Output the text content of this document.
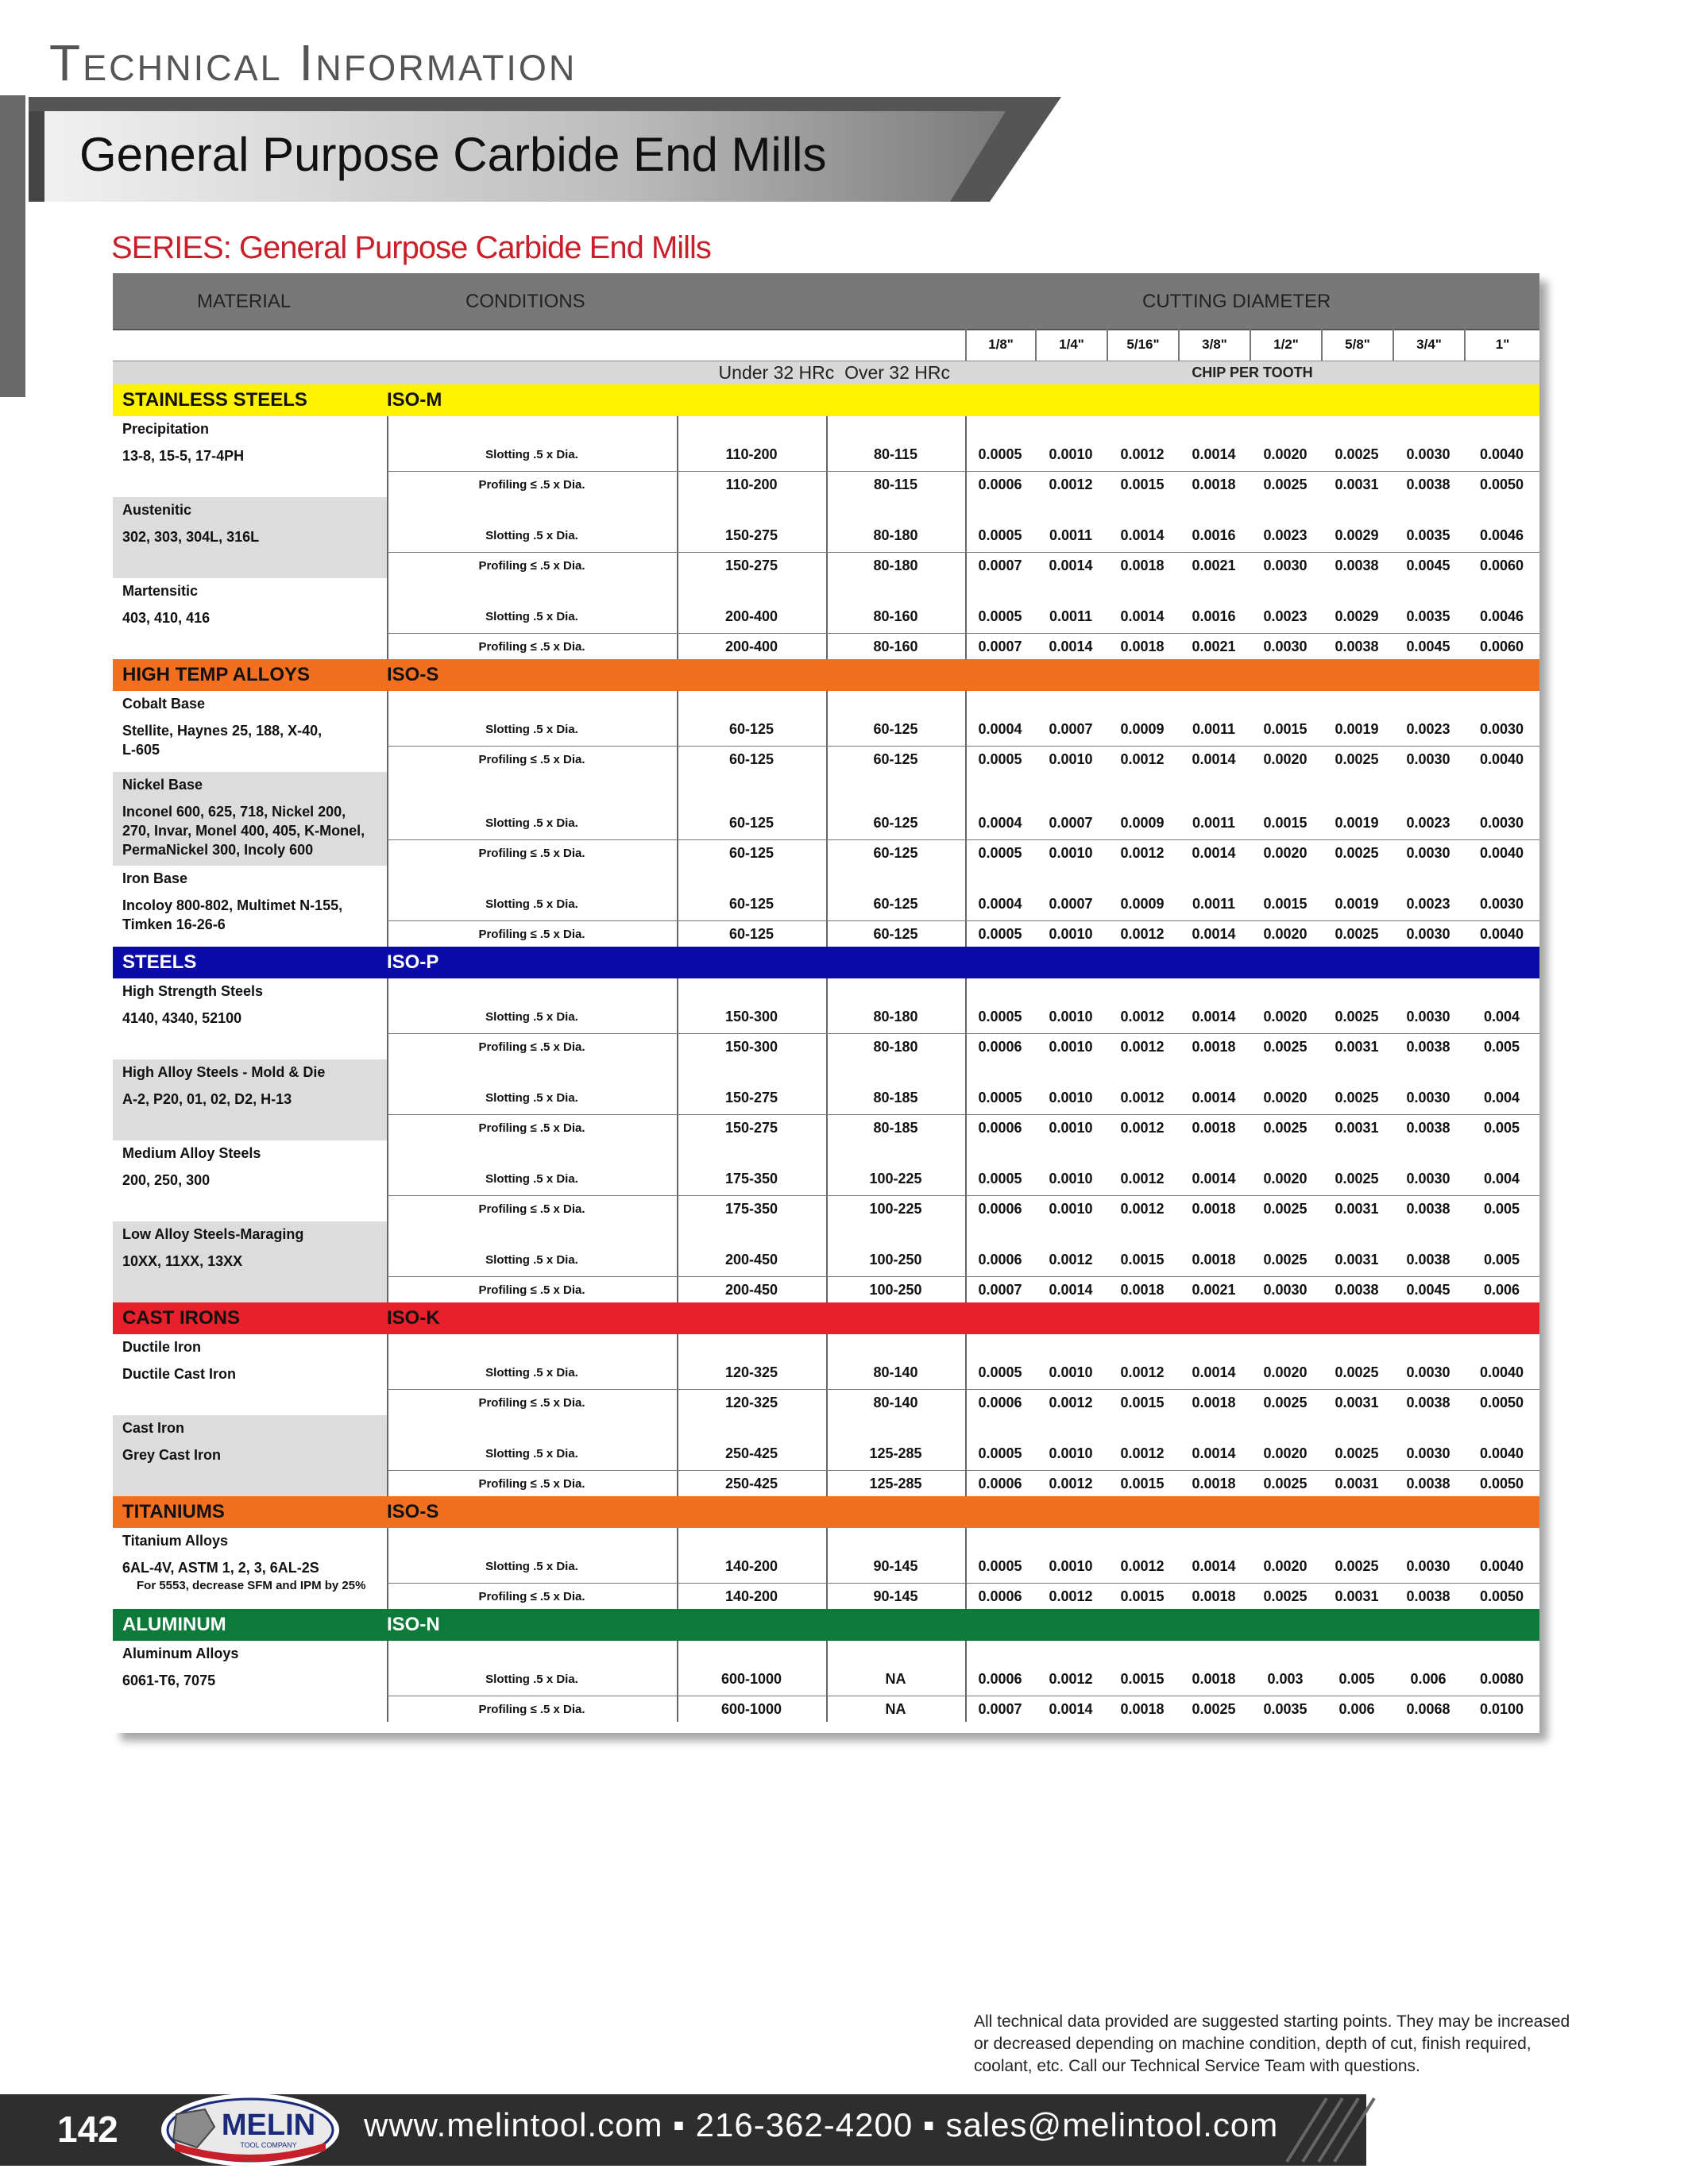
Technical Information
General Purpose Carbide End Mills
SERIES: General Purpose Carbide End Mills
MATERIAL	CONDITIONS	CUTTING DIAMETER
1/8"	1/4"	5/16"	3/8"	1/2"	5/8"	3/4"	1"
Under 32 HRc
Over 32 HRc	CHIP PER TOOTH
STAINLESS STEELS	ISO-M
Precipitation
13-8, 15-5, 17-4PH	Slotting .5 x Dia.	110-200	80-115	0.0005	0.0010	0.0012	0.0014	0.0020	0.0025	0.0030	0.0040
Profiling ≤ .5 x Dia.	110-200	80-115	0.0006	0.0012	0.0015	0.0018	0.0025	0.0031	0.0038	0.0050
Austenitic
302, 303, 304L, 316L	Slotting .5 x Dia.	150-275	80-180	0.0005	0.0011	0.0014	0.0016	0.0023	0.0029	0.0035	0.0046
Profiling ≤ .5 x Dia.	150-275	80-180	0.0007	0.0014	0.0018	0.0021	0.0030	0.0038	0.0045	0.0060
Martensitic
403, 410, 416	Slotting .5 x Dia.	200-400	80-160	0.0005	0.0011	0.0014	0.0016	0.0023	0.0029	0.0035	0.0046
Profiling ≤ .5 x Dia.	200-400	80-160	0.0007	0.0014	0.0018	0.0021	0.0030	0.0038	0.0045	0.0060
HIGH TEMP ALLOYS	ISO-S
Cobalt Base
Stellite, Haynes 25, 188, X-40,
L-605
Slotting .5 x Dia.	60-125	60-125	0.0004	0.0007	0.0009	0.0011	0.0015	0.0019	0.0023	0.0030
Profiling ≤ .5 x Dia.	60-125	60-125	0.0005	0.0010	0.0012	0.0014	0.0020	0.0025	0.0030	0.0040
Nickel Base
Inconel 600, 625, 718, Nickel 200,
270, Invar, Monel 400, 405, K-Monel,
PermaNickel 300, Incoly 600
Slotting .5 x Dia.	60-125	60-125	0.0004	0.0007	0.0009	0.0011	0.0015	0.0019	0.0023	0.0030
Profiling ≤ .5 x Dia.	60-125	60-125	0.0005	0.0010	0.0012	0.0014	0.0020	0.0025	0.0030	0.0040
Iron Base
Incoloy 800-802, Multimet N-155,
Timken 16-26-6
Slotting .5 x Dia.	60-125	60-125	0.0004	0.0007	0.0009	0.0011	0.0015	0.0019	0.0023	0.0030
Profiling ≤ .5 x Dia.	60-125	60-125	0.0005	0.0010	0.0012	0.0014	0.0020	0.0025	0.0030	0.0040
STEELS	ISO-P
High Strength Steels
4140, 4340, 52100	Slotting .5 x Dia.	150-300	80-180	0.0005	0.0010	0.0012	0.0014	0.0020	0.0025	0.0030	0.004
Profiling ≤ .5 x Dia.	150-300	80-180	0.0006	0.0010	0.0012	0.0018	0.0025	0.0031	0.0038	0.005
High Alloy Steels - Mold & Die
A-2, P20, 01, 02, D2, H-13	Slotting .5 x Dia.	150-275	80-185	0.0005	0.0010	0.0012	0.0014	0.0020	0.0025	0.0030	0.004
Profiling ≤ .5 x Dia.	150-275	80-185	0.0006	0.0010	0.0012	0.0018	0.0025	0.0031	0.0038	0.005
Medium Alloy Steels
200, 250, 300	Slotting .5 x Dia.	175-350	100-225	0.0005	0.0010	0.0012	0.0014	0.0020	0.0025	0.0030	0.004
Profiling ≤ .5 x Dia.	175-350	100-225	0.0006	0.0010	0.0012	0.0018	0.0025	0.0031	0.0038	0.005
Low Alloy Steels-Maraging
10XX, 11XX, 13XX	Slotting .5 x Dia.	200-450	100-250	0.0006	0.0012	0.0015	0.0018	0.0025	0.0031	0.0038	0.005
Profiling ≤ .5 x Dia.	200-450	100-250	0.0007	0.0014	0.0018	0.0021	0.0030	0.0038	0.0045	0.006
CAST IRONS	ISO-K
Ductile Iron
Ductile Cast Iron	Slotting .5 x Dia.	120-325	80-140	0.0005	0.0010	0.0012	0.0014	0.0020	0.0025	0.0030	0.0040
Profiling ≤ .5 x Dia.	120-325	80-140	0.0006	0.0012	0.0015	0.0018	0.0025	0.0031	0.0038	0.0050
Cast Iron
Grey Cast Iron	Slotting .5 x Dia.	250-425	125-285	0.0005	0.0010	0.0012	0.0014	0.0020	0.0025	0.0030	0.0040
Profiling ≤ .5 x Dia.	250-425	125-285	0.0006	0.0012	0.0015	0.0018	0.0025	0.0031	0.0038	0.0050
TITANIUMS	ISO-S
Titanium Alloys
6AL-4V, ASTM 1, 2, 3, 6AL-2S
For 5553, decrease SFM and IPM by 25%
Slotting .5 x Dia.	140-200	90-145	0.0005	0.0010	0.0012	0.0014	0.0020	0.0025	0.0030	0.0040
Profiling ≤ .5 x Dia.	140-200	90-145	0.0006	0.0012	0.0015	0.0018	0.0025	0.0031	0.0038	0.0050
ALUMINUM	ISO-N
Aluminum Alloys
6061-T6, 7075	Slotting .5 x Dia.	600-1000	NA	0.0006	0.0012	0.0015	0.0018	0.003	0.005	0.006	0.0080
Profiling ≤ .5 x Dia.	600-1000	NA	0.0007	0.0014	0.0018	0.0025	0.0035	0.006	0.0068	0.0100
All technical data provided are suggested starting points. They may be increased or decreased depending on machine condition, depth of cut, finish required, coolant, etc. Call our Technical Service Team with questions.
142	MELIN
TOOL COMPANY
www.melintool.com ▪ 216-362-4200 ▪ sales@melintool.com
